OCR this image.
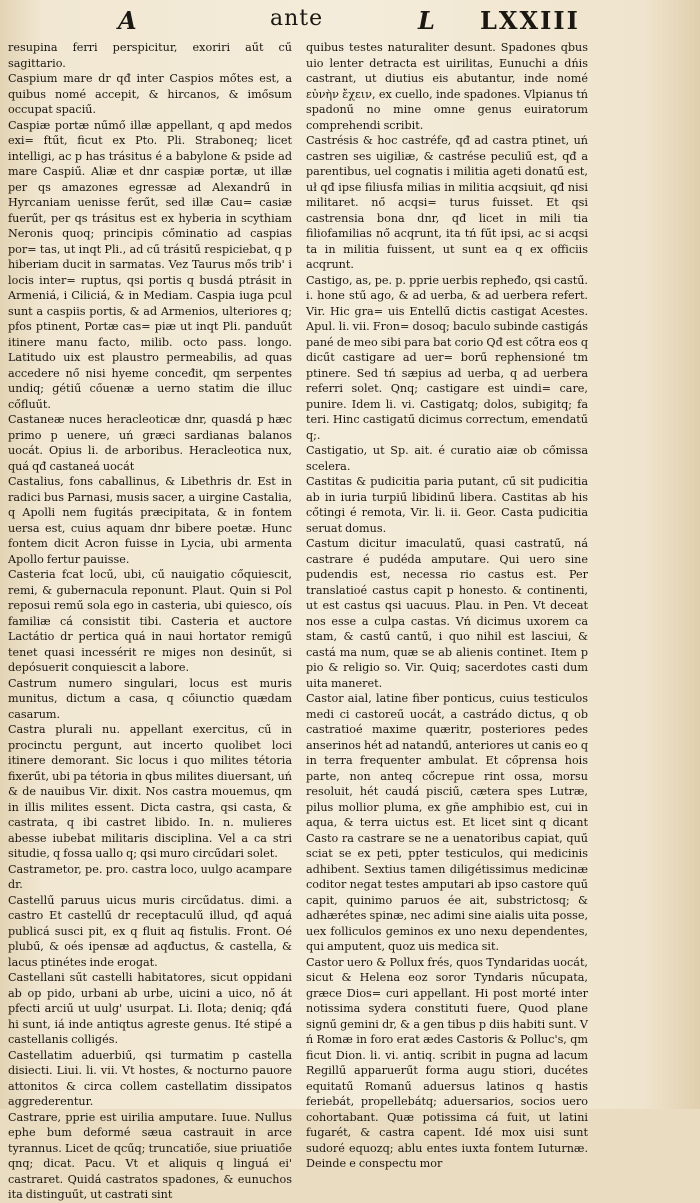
A	ante	L LXXIII

resupina ferri perspicitur, exoriri aűt cű sagittario.

Caspium mare dr qđ inter Caspios mőtes est, a quibus nomé accepit, & hircanos, & imősum occupat spaciű.

Caspiæ portæ nűmő illæ appellant, q apd medos exi= ftűt, ficut ex Pto. Pli. Straboneq; licet intelligi, ac p has trásitus é a babylone & pside ad mare Caspiű. Aliæ et dnr caspiæ portæ, ut illæ per qs amazones egressæ ad Alexandrű in Hyrcaniam uenisse ferűt, sed illæ Cau= casiæ fuerűt, per qs trásitus est ex hyberia in scythiam Neronis quoq; principis cőminatio ad caspias por= tas, ut inqt Pli., ad cű trásitű respiciebat, q p hiberiam ducit in sarmatas. Vez Taurus mős trib' i locis inter= ruptus, qsi portis q busdá ptrásit in Armeniá, i Ciliciá, & in Mediam. Caspia iuga pcul sunt a caspiis portis, & ad Armenios, ulteriores q; pfos ptinent, Portæ cas= piæ ut inqt Pli. panduűt itinere manu facto, milib. octo pass. longo. Latitudo uix est plaustro permeabilis, ad quas accedere nő nisi hyeme conceđit, qm serpentes undiq; gétiű cőuenæ a uerno statim die illuc cőfluűt.

Castaneæ nuces heracleoticæ dnr, quasdá p hæc primo p uenere, uń græci sardianas balanos uocát. Opius li. de arboribus. Heracleotica nux, quá qđ castaneá uocát

Castalius, fons caballinus, & Libethris dr. Est in radici bus Parnasi, musis sacer, a uirgine Castalia, q Apolli nem fugitás præcipitata, & in fontem uersa est, cuius aquam dnr bibere poetæ. Hunc fontem dicit Acron fuisse in Lycia, ubi armenta Apollo fertur pauisse.

Casteria fcat locű, ubi, cű nauigatio cőquiescit, remi, & gubernacula reponunt. Plaut. Quin si Pol reposui remű sola ego in casteria, ubi quiesco, oís familiæ cá consistit tibi. Casteria et auctore Lactátio dr pertica quá in naui hortator remigű tenet quasi incessérit re miges non desinűt, si depósuerit conquiescit a labore.

Castrum numero singulari, locus est muris munitus, dictum a casa, q cőiunctio quædam casarum.

Castra plurali nu. appellant exercitus, cű in procinctu pergunt, aut incerto quolibet loci itinere demorant. Sic locus i quo milites tétoria fixerűt, ubi pa tétoria in qbus milites diuersant, uń & de nauibus Vir. dixit. Nos castra mouemus, qm in illis milites essent. Dicta castra, qsi casta, & castrata, q ibi castret libido. In. n. mulieres abesse iubebat militaris disciplina. Vel a ca stri situdie, q fossa uallo q; qsi muro circűdari solet.

Castrametor, pe. pro. castra loco, uulgo acampare dr.

Castellű paruus uicus muris circűdatus. dimi. a castro Et castellű dr receptaculű illud, qđ aquá publicá susci pit, ex q fluit aq fistulis. Front. Oé plubű, & oés ipensæ ad aqđuctus, & castella, & lacus ptinétes inde erogat.

Castellani sűt castelli habitatores, sicut oppidani ab op pido, urbani ab urbe, uicini a uico, nő át pfecti arciű ut uulg' usurpat. Li. Ilota; deniq; qđá hi sunt, iá inde antiqtus agreste genus. Ité stipé a castellanis colligés.

Castellatim aduerbiű, qsi turmatim p castella disiecti. Liui. li. vii. Vt hostes, & nocturno pauore attonitos & circa collem castellatim dissipatos aggrederentur.

Castrare, pprie est uirilia amputare. Iuue. Nullus ephe bum deformé sæua castrauit in arce tyrannus. Licet de qcűq; truncatiőe, siue priuatiőe qnq; dicat. Pacu. Vt et aliquis q linguá ei' castraret. Quidá castratos spadones, & eunuchos ita distinguűt, ut castrati sint

quibus testes naturaliter desunt. Spadones qbus uio lenter detracta est uirilitas, Eunuchi a dńis castrant, ut diutius eis abutantur, inde nomé εὐνὴν ἔχειν, ex cuello, inde spadones. Vlpianus tń spadonű no mine omne genus euiratorum comprehendi scribit.

Castrésis & hoc castréfe, qđ ad castra ptinet, uń castren ses uigiliæ, & castrése peculiű est, qđ a parentibus, uel cognatis i militia ageti donatű est, uł qđ ipse filiusfa milias in militia acqsiuit, qđ nisi militaret. nő acqsi= turus fuisset. Et qsi castrensia bona dnr, qđ licet in mili tia filiofamilias nő acqrunt, ita tń fűt ipsi, ac si acqsi ta in militia fuissent, ut sunt ea q ex officiis acqrunt.

Castigo, as, pe. p. pprie uerbis repheđo, qsi castű. i. hone stű ago, & ad uerba, & ad uerbera refert. Vir. Hic gra= uis Entellű dictis castigat Acestes. Apul. li. vii. Fron= dosoq; baculo subinde castigás pané de meo sibi para bat corio Qđ est cőtra eos q dicűt castigare ad uer= borű rephensioné tm ptinere. Sed tń sæpius ad uerba, q ad uerbera referri solet. Qnq; castigare est uindi= care, punire. Idem li. vi. Castigatq; dolos, subigitq; fa teri. Hinc castigatű dicimus correctum, emendatű q;.

Castigatio, ut Sp. ait. é curatio aiæ ob cőmissa scelera.

Castitas & pudicitia paria putant, cű sit pudicitia ab in iuria turpiű libidinű libera. Castitas ab his cőtingi é remota, Vir. li. ii. Geor. Casta pudicitia seruat domus.

Castum dicitur imaculatű, quasi castratű, ná castrare é pudéda amputare. Qui uero sine pudendis est, necessa rio castus est. Per translatioé castus capit p honesto. & continenti, ut est castus qsi uacuus. Plau. in Pen. Vt deceat nos esse a culpa castas. Vń dicimus uxorem ca stam, & castű cantű, i quo nihil est lasciui, & castá ma num, quæ se ab alienis continet. Item p pio & religio so. Vir. Quiq; sacerdotes casti dum uita maneret.

Castor aial, latine fiber ponticus, cuius testiculos medi ci castoreű uocát, a castrádo dictus, q ob castratioé maxime quæritr, posteriores pedes anserinos hét ad natandű, anteriores ut canis eo q in terra frequenter ambulat. Et cőprensa hois parte, non anteq cőcrepue rint ossa, morsu resoluit, hét caudá pisciű, cætera spes Lutræ, pilus mollior pluma, ex gñe amphibio est, cui in aqua, & terra uictus est. Et licet sint q dicant Casto ra castrare se ne a uenatoribus capiat, quű sciat se ex peti, ppter testiculos, qui medicinis adhibent. Sextius tamen diligétissimus medicinæ coditor negat testes amputari ab ipso castore quű capit, quinimo paruos ée ait, substrictosq; & adhærétes spinæ, nec adimi sine aialis uita posse, uex folliculos geminos ex uno nexu dependentes, qui amputent, quoz uis medica sit.

Castor uero & Pollux frés, quos Tyndaridas uocát, sicut & Helena eoz soror Tyndaris nűcupata, græce Dios= curi appellant. Hi post morté inter notissima sydera constituti fuere, Quod plane signű gemini dr, & a gen tibus p diis habiti sunt. V ń Romæ in foro erat ædes Castoris & Polluc's, qm ficut Dion. li. vi. antiq. scribit in pugna ad lacum Regillű apparuerűt forma augu stiori, ducétes equitatű Romanű aduersus latinos q hastis feriebát, propellebátq; aduersarios, socios uero cohortabant. Quæ potissima cá fuit, ut latini fugarét, & castra capent. Idé mox uisi sunt sudoré equozq; ablu entes iuxta fontem Iuturnæ. Deinde e conspectu mor
